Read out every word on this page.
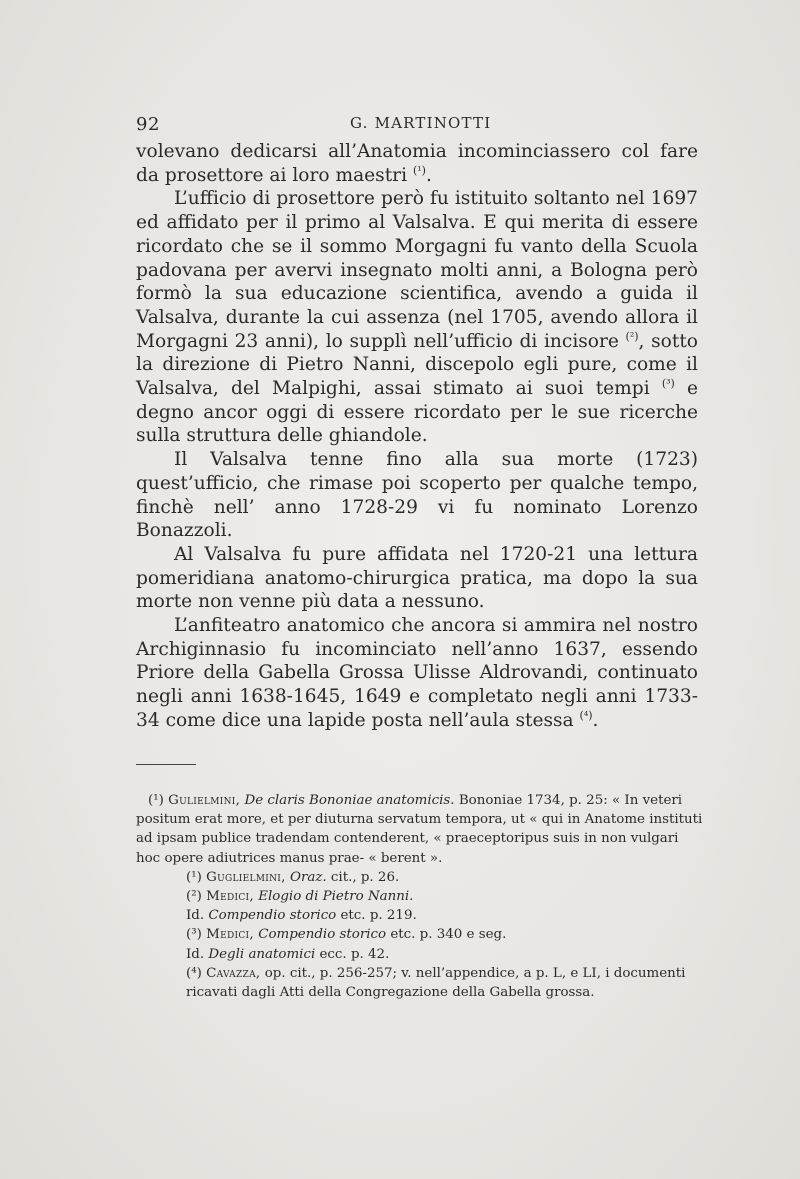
92	G. MARTINOTTI

volevano dedicarsi all’Anatomia incominciassero col fare da prosettore ai loro maestri $^{(^1)}$.

L’ufficio di prosettore però fu istituito soltanto nel 1697 ed affidato per il primo al Valsalva. E qui merita di essere ricordato che se il sommo Morgagni fu vanto della Scuola padovana per avervi insegnato molti anni, a Bologna però formò la sua educazione scientifica, avendo a guida il Valsalva, durante la cui assenza (nel 1705, avendo allora il Morgagni 23 anni), lo supplì nell’ufficio di incisore $^{(^2)}$, sotto la direzione di Pietro Nanni, discepolo egli pure, come il Valsalva, del Malpighi, assai stimato ai suoi tempi $^{(^3)}$ e degno ancor oggi di essere ricordato per le sue ricerche sulla struttura delle ghiandole.

Il Valsalva tenne fino alla sua morte (1723) quest’ufficio, che rimase poi scoperto per qualche tempo, finchè nell’ anno 1728-29 vi fu nominato Lorenzo Bonazzoli.

Al Valsalva fu pure affidata nel 1720-21 una lettura pomeridiana anatomo-chirurgica pratica, ma dopo la sua morte non venne più data a nessuno.

L’anfiteatro anatomico che ancora si ammira nel nostro Archiginnasio fu incominciato nell’anno 1637, essendo Priore della Gabella Grossa Ulisse Aldrovandi, continuato negli anni 1638-1645, 1649 e completato negli anni 1733-34 come dice una lapide posta nell’aula stessa $^{(^4)}$.

(¹) Gulielmini, De claris Bononiae anatomicis. Bononiae 1734, p. 25: « In veteri positum erat more, et per diuturna servatum tempora, ut « qui in Anatome instituti ad ipsam publice tradendam contenderent, « praeceptoripus suis in non vulgari hoc opere adiutrices manus prae- « berent ».

(¹) Guglielmini, Oraz. cit., p. 26.

(²) Medici, Elogio di Pietro Nanni.

Id. Compendio storico etc. p. 219.

(³) Medici, Compendio storico etc. p. 340 e seg.

Id. Degli anatomici ecc. p. 42.

(⁴) Cavazza, op. cit., p. 256-257; v. nell’appendice, a p. L, e LI, i documenti ricavati dagli Atti della Congregazione della Gabella grossa.
